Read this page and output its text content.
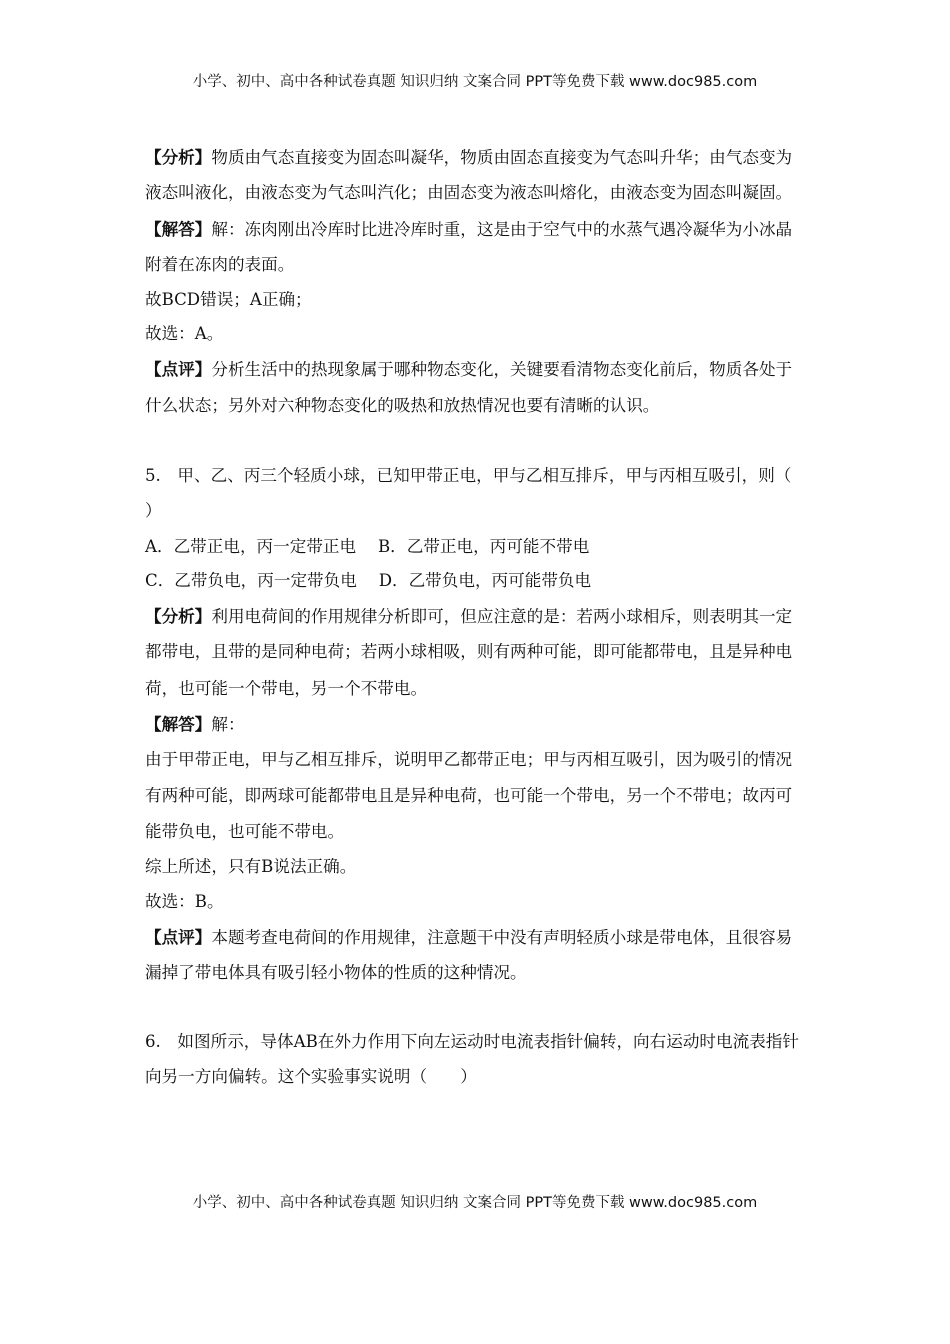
小学、初中、高中各种试卷真题 知识归纳 文案合同 PPT等免费下载 www.doc985.com
【分析】物质由气态直接变为固态叫凝华，物质由固态直接变为气态叫升华；由气态变为
液态叫液化，由液态变为气态叫汽化；由固态变为液态叫熔化，由液态变为固态叫凝固。
【解答】解：冻肉刚出冷库时比进冷库时重，这是由于空气中的水蒸气遇冷凝华为小冰晶
附着在冻肉的表面。
故BCD错误；A正确；
故选：A。
【点评】分析生活中的热现象属于哪种物态变化，关键要看清物态变化前后，物质各处于
什么状态；另外对六种物态变化的吸热和放热情况也要有清晰的认识。
5.　甲、乙、丙三个轻质小球，已知甲带正电，甲与乙相互排斥，甲与丙相互吸引，则（
）
A．乙带正电，丙一定带正电　 B．乙带正电，丙可能不带电
C．乙带负电，丙一定带负电　 D．乙带负电，丙可能带负电
【分析】利用电荷间的作用规律分析即可，但应注意的是：若两小球相斥，则表明其一定
都带电，且带的是同种电荷；若两小球相吸，则有两种可能，即可能都带电，且是异种电
荷，也可能一个带电，另一个不带电。
【解答】解：
由于甲带正电，甲与乙相互排斥，说明甲乙都带正电；甲与丙相互吸引，因为吸引的情况
有两种可能，即两球可能都带电且是异种电荷，也可能一个带电，另一个不带电；故丙可
能带负电，也可能不带电。
综上所述，只有B说法正确。
故选：B。
【点评】本题考查电荷间的作用规律，注意题干中没有声明轻质小球是带电体，且很容易
漏掉了带电体具有吸引轻小物体的性质的这种情况。
6.　如图所示，导体AB在外力作用下向左运动时电流表指针偏转，向右运动时电流表指针
向另一方向偏转。这个实验事实说明（　　）
小学、初中、高中各种试卷真题 知识归纳 文案合同 PPT等免费下载 www.doc985.com
